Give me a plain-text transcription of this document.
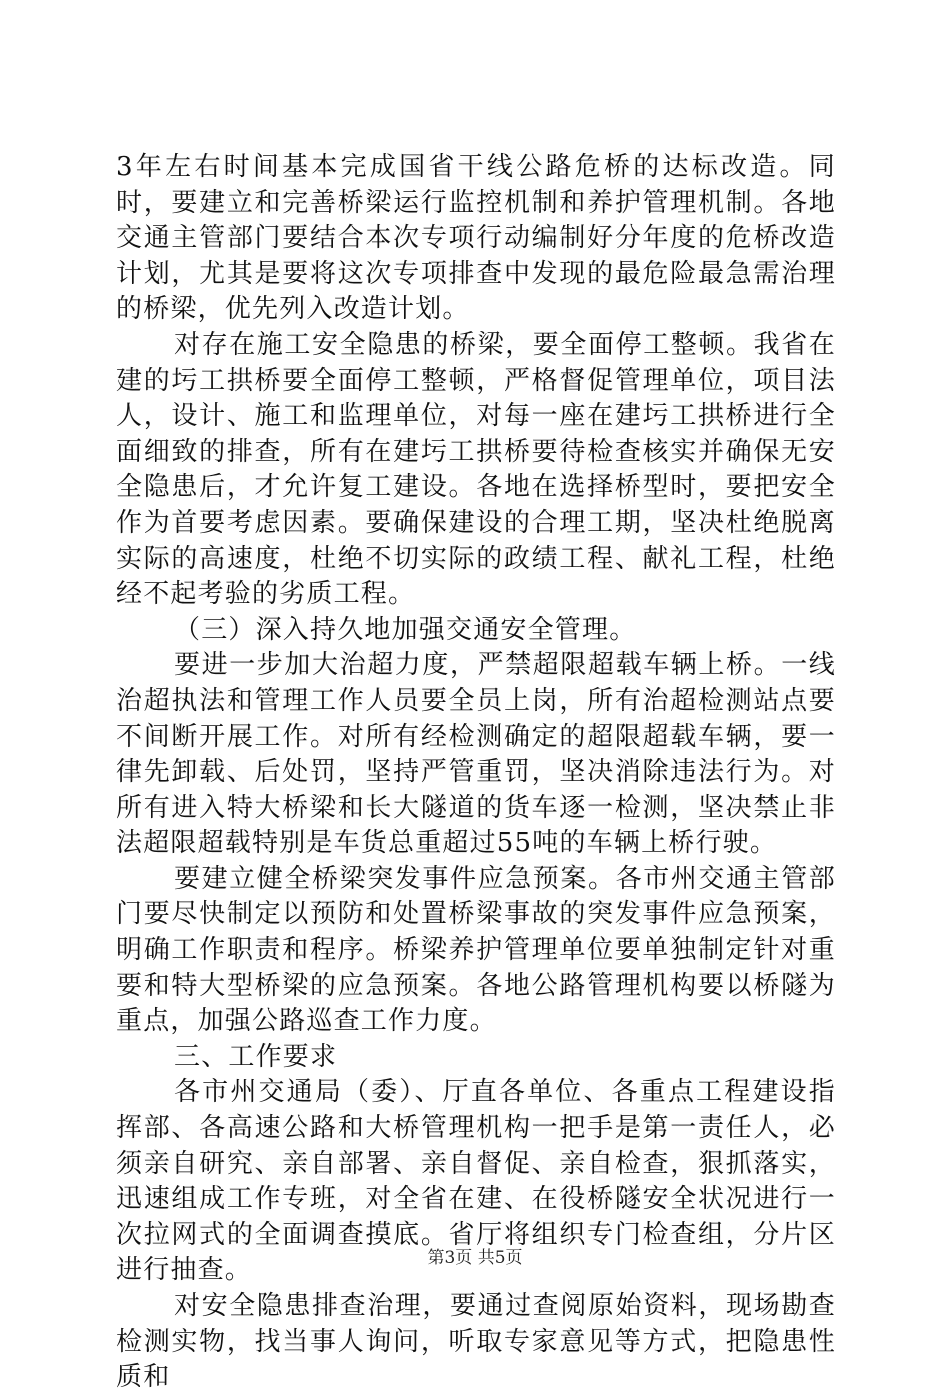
3年左右时间基本完成国省干线公路危桥的达标改造。同时，要建立和完善桥梁运行监控机制和养护管理机制。各地交通主管部门要结合本次专项行动编制好分年度的危桥改造计划，尤其是要将这次专项排查中发现的最危险最急需治理的桥梁，优先列入改造计划。

对存在施工安全隐患的桥梁，要全面停工整顿。我省在建的圬工拱桥要全面停工整顿，严格督促管理单位，项目法人，设计、施工和监理单位，对每一座在建圬工拱桥进行全面细致的排查，所有在建圬工拱桥要待检查核实并确保无安全隐患后，才允许复工建设。各地在选择桥型时，要把安全作为首要考虑因素。要确保建设的合理工期，坚决杜绝脱离实际的高速度，杜绝不切实际的政绩工程、献礼工程，杜绝经不起考验的劣质工程。

（三）深入持久地加强交通安全管理。

要进一步加大治超力度，严禁超限超载车辆上桥。一线治超执法和管理工作人员要全员上岗，所有治超检测站点要不间断开展工作。对所有经检测确定的超限超载车辆，要一律先卸载、后处罚，坚持严管重罚，坚决消除违法行为。对所有进入特大桥梁和长大隧道的货车逐一检测，坚决禁止非法超限超载特别是车货总重超过55吨的车辆上桥行驶。

要建立健全桥梁突发事件应急预案。各市州交通主管部门要尽快制定以预防和处置桥梁事故的突发事件应急预案，明确工作职责和程序。桥梁养护管理单位要单独制定针对重要和特大型桥梁的应急预案。各地公路管理机构要以桥隧为重点，加强公路巡查工作力度。

三、工作要求

各市州交通局（委）、厅直各单位、各重点工程建设指挥部、各高速公路和大桥管理机构一把手是第一责任人，必须亲自研究、亲自部署、亲自督促、亲自检查，狠抓落实，迅速组成工作专班，对全省在建、在役桥隧安全状况进行一次拉网式的全面调查摸底。省厅将组织专门检查组，分片区进行抽查。

对安全隐患排查治理，要通过查阅原始资料，现场勘查检测实物，找当事人询问，听取专家意见等方式，把隐患性质和

第3页 共5页
